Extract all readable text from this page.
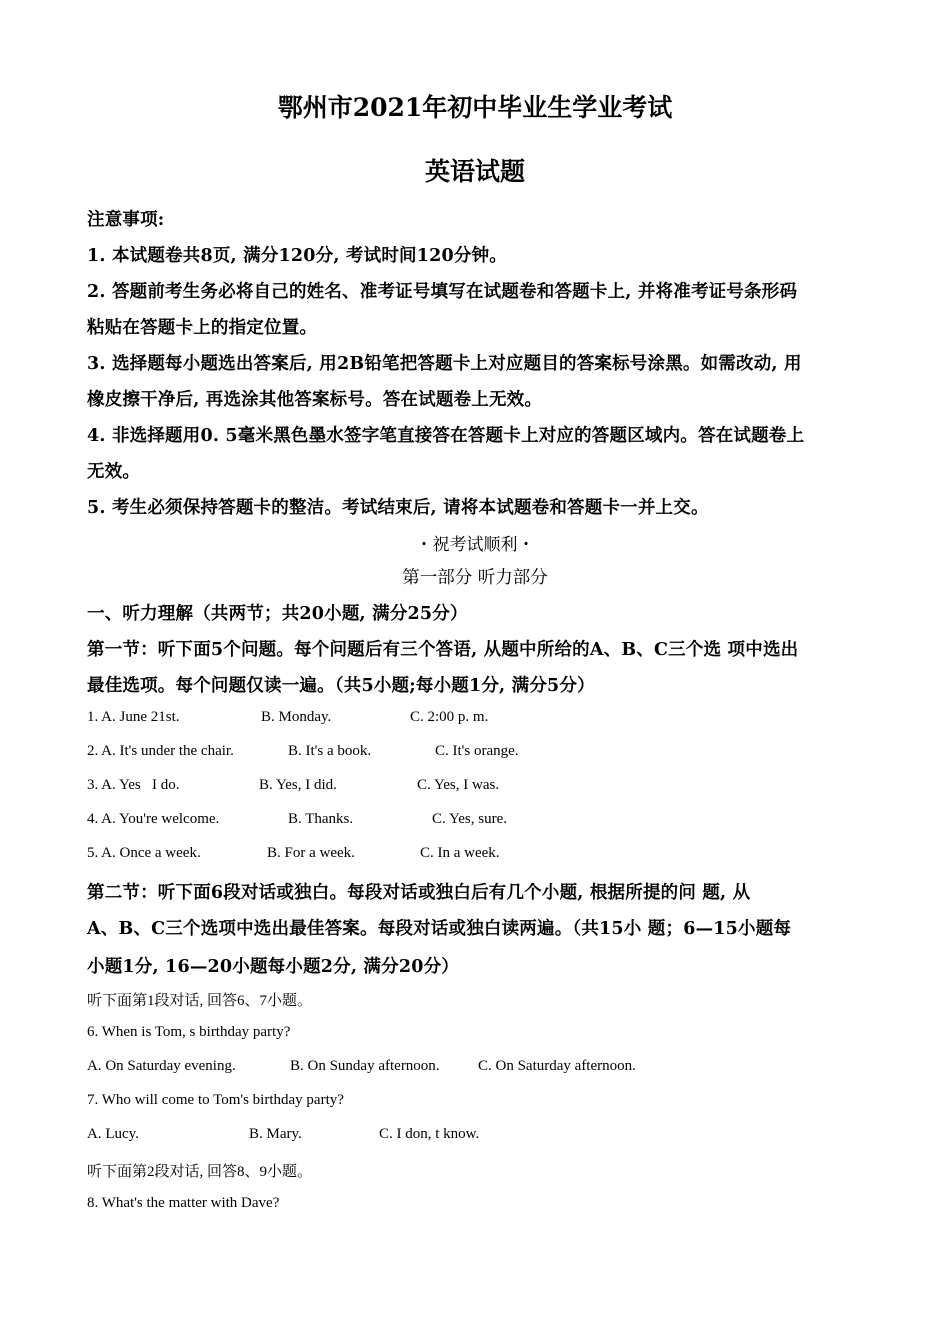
鄂州市2021年初中毕业生学业考试
英语试题
注意事项:
1. 本试题卷共8页, 满分120分, 考试时间120分钟。
2. 答题前考生务必将自己的姓名、准考证号填写在试题卷和答题卡上, 并将准考证号条形码
粘贴在答题卡上的指定位置。
3. 选择题每小题选出答案后, 用2B铅笔把答题卡上对应题目的答案标号涂黑。如需改动, 用
橡皮擦干净后, 再选涂其他答案标号。答在试题卷上无效。
4. 非选择题用0. 5毫米黑色墨水签字笔直接答在答题卡上对应的答题区域内。答在试题卷上
无效。
5. 考生必须保持答题卡的整洁。考试结束后, 请将本试题卷和答题卡一并上交。
・祝考试顺利・
第一部分 听力部分
一、听力理解（共两节；共20小题, 满分25分）
第一节：听下面5个问题。每个问题后有三个答语, 从题中所给的A、B、C三个选 项中选出
最佳选项。每个问题仅读一遍。（共5小题;每小题1分, 满分5分）
1. A. June 21st.	B. Monday.	C. 2:00 p. m.
2. A. It's under the chair.	B. It's a book.	C. It's orange.
3. A. Yes   I do.	B. Yes, I did.	C. Yes, I was.
4. A. You're welcome.	B. Thanks.	C. Yes, sure.
5. A. Once a week.	B. For a week.	C. In a week.
第二节：听下面6段对话或独白。每段对话或独白后有几个小题, 根据所提的问 题, 从
A、B、C三个选项中选出最佳答案。每段对话或独白读两遍。（共15小 题；6—15小题每
小题1分, 16—20小题每小题2分, 满分20分）
听下面第1段对话, 回答6、7小题。
6. When is Tom, s birthday party?
A. On Saturday evening.	B. On Sunday afternoon.	C. On Saturday afternoon.
7. Who will come to Tom's birthday party?
A. Lucy.	B. Mary.	C. I don, t know.
听下面第2段对话, 回答8、9小题。
8. What's the matter with Dave?
